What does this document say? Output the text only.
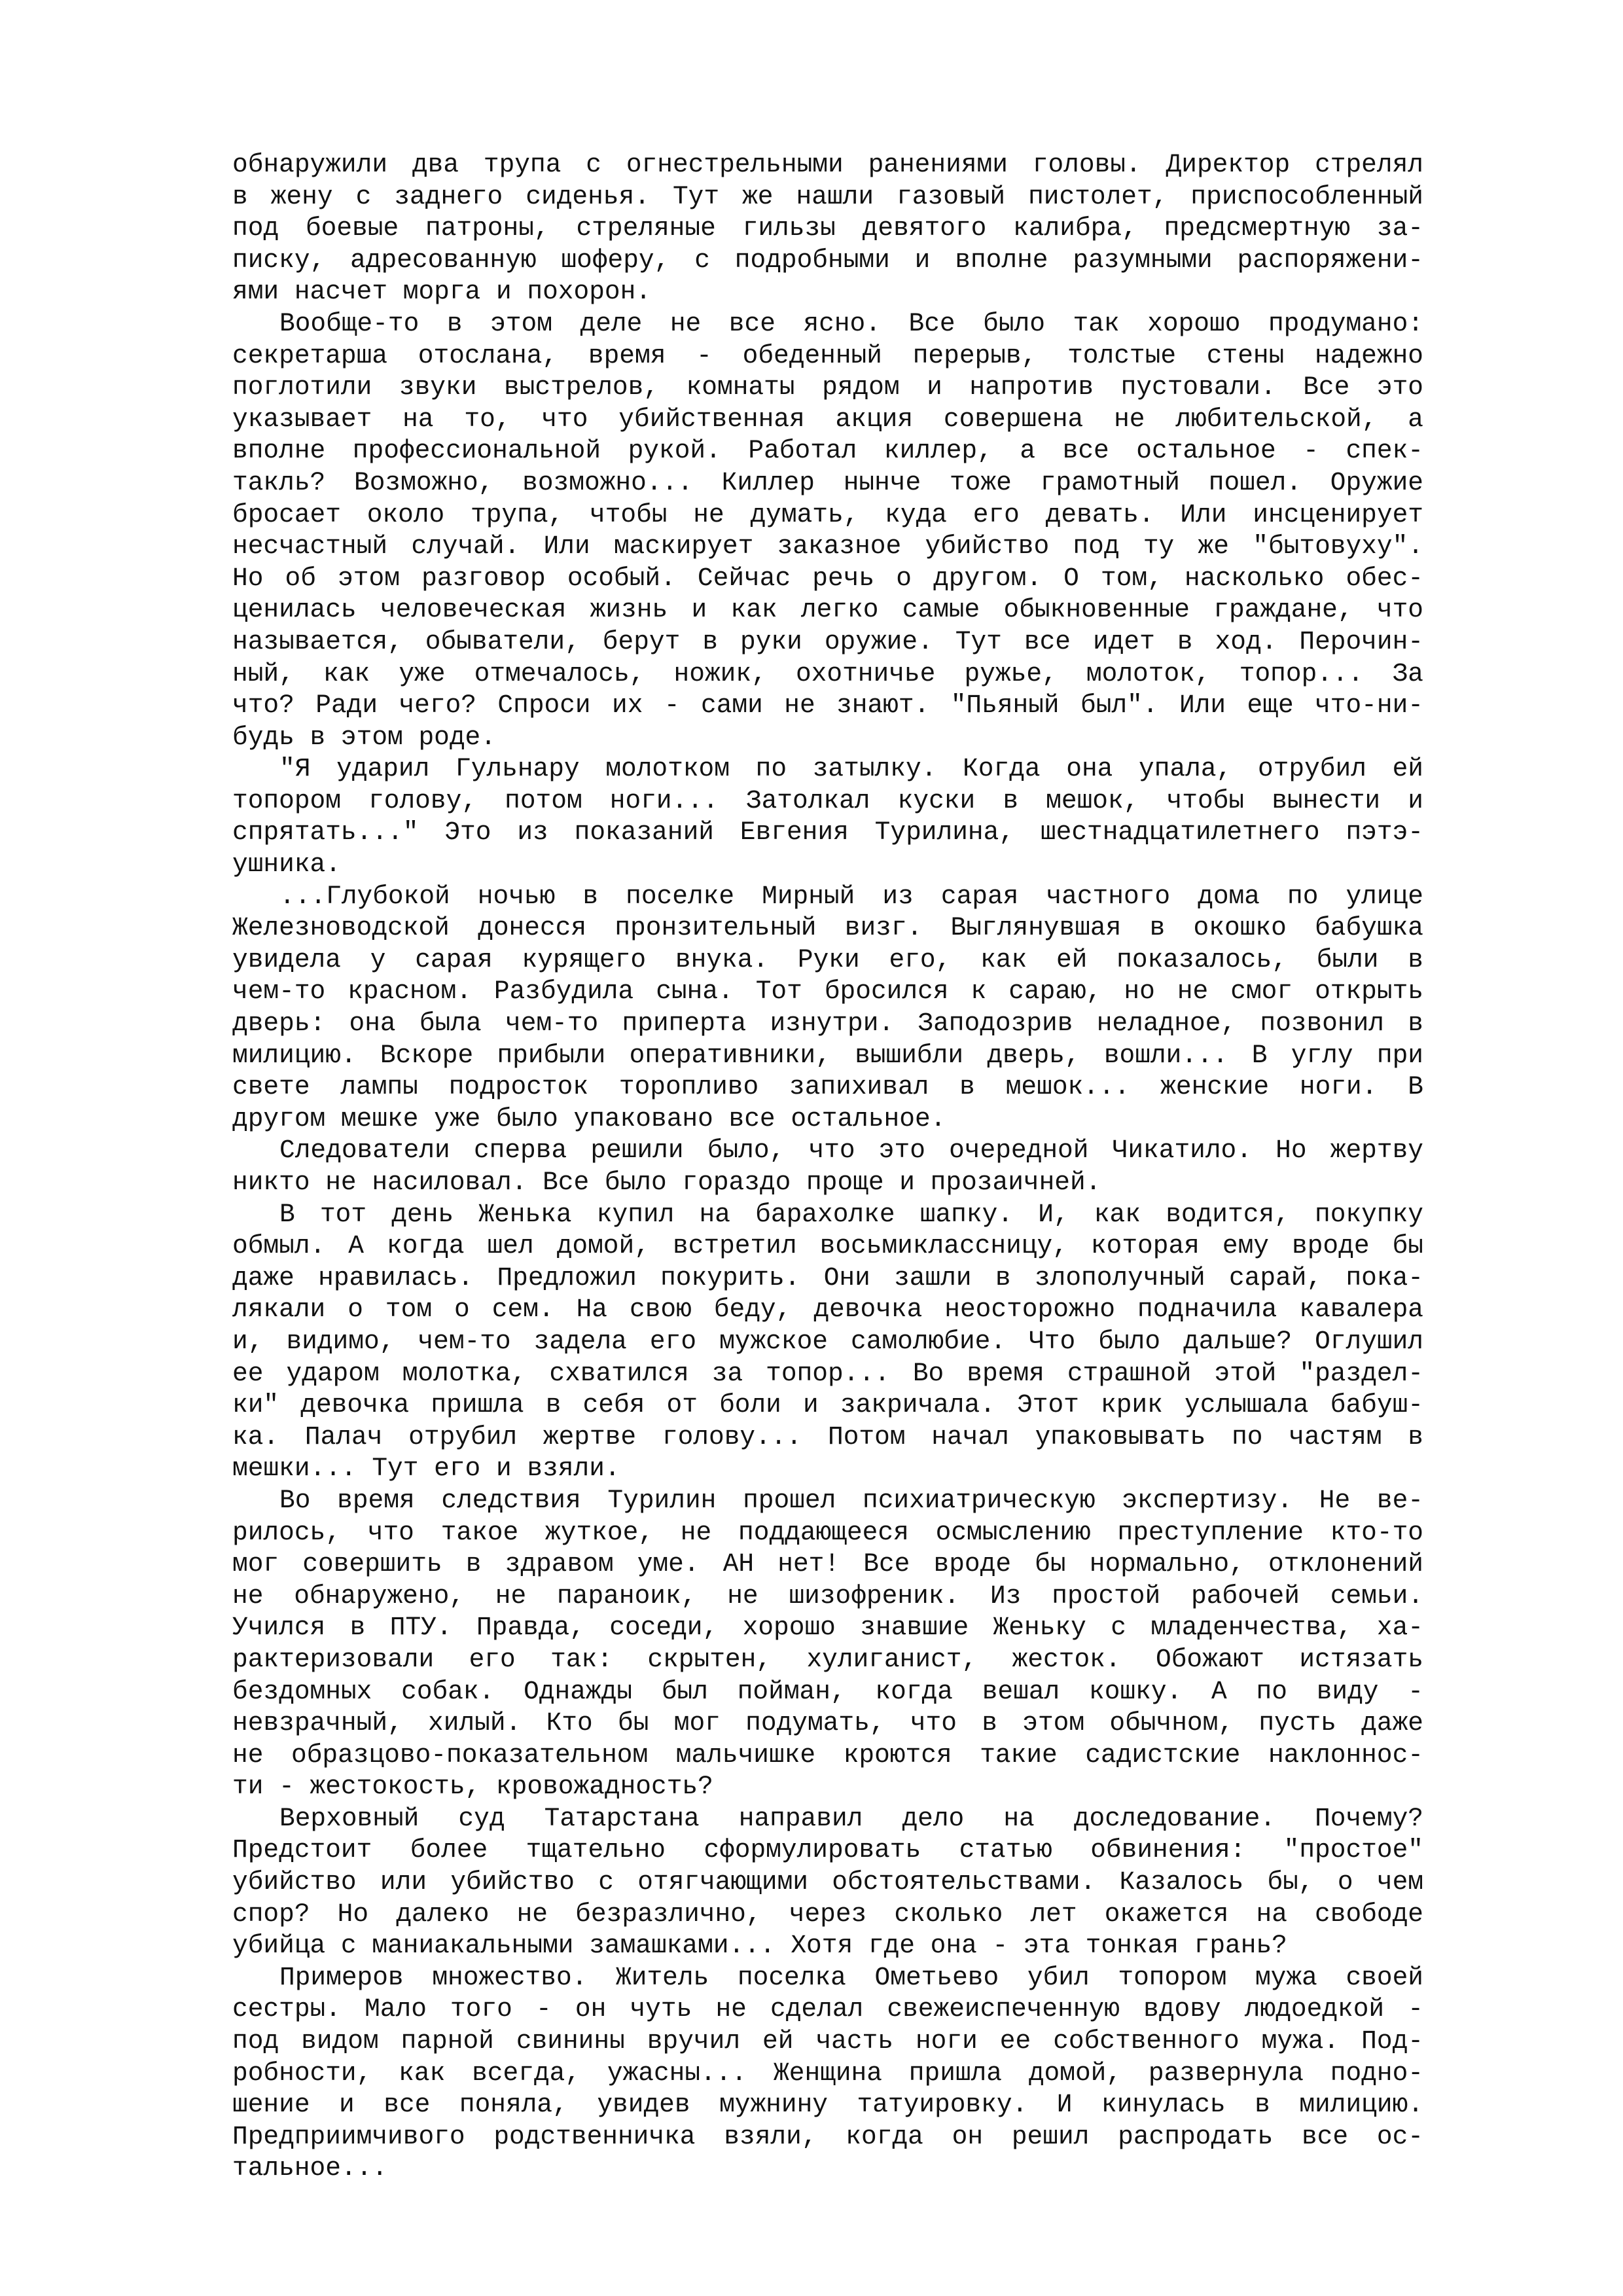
обнаружили два трупа с огнестрельными ранениями головы. Директор стрелял
в жену с заднего сиденья. Тут же нашли газовый пистолет, приспособленный
под боевые патроны, стреляные гильзы девятого калибра, предсмертную за-
писку, адресованную шоферу, с подробными и вполне разумными распоряжени-
ями насчет морга и похорон.
Вообще-то в этом деле не все ясно. Все было так хорошо продумано:
секретарша отослана, время - обеденный перерыв, толстые стены надежно
поглотили звуки выстрелов, комнаты рядом и напротив пустовали. Все это
указывает на то, что убийственная акция совершена не любительской, а
вполне профессиональной рукой. Работал киллер, а все остальное - спек-
такль? Возможно, возможно... Киллер нынче тоже грамотный пошел. Оружие
бросает около трупа, чтобы не думать, куда его девать. Или инсценирует
несчастный случай. Или маскирует заказное убийство под ту же "бытовуху".
Но об этом разговор особый. Сейчас речь о другом. О том, насколько обес-
ценилась человеческая жизнь и как легко самые обыкновенные граждане, что
называется, обыватели, берут в руки оружие. Тут все идет в ход. Перочин-
ный, как уже отмечалось, ножик, охотничье ружье, молоток, топор... За
что? Ради чего? Спроси их - сами не знают. "Пьяный был". Или еще что-ни-
будь в этом роде.
"Я ударил Гульнару молотком по затылку. Когда она упала, отрубил ей
топором голову, потом ноги... Затолкал куски в мешок, чтобы вынести и
спрятать..." Это из показаний Евгения Турилина, шестнадцатилетнего пэтэ-
ушника.
...Глубокой ночью в поселке Мирный из сарая частного дома по улице
Железноводской донесся пронзительный визг. Выглянувшая в окошко бабушка
увидела у сарая курящего внука. Руки его, как ей показалось, были в
чем-то красном. Разбудила сына. Тот бросился к сараю, но не смог открыть
дверь: она была чем-то приперта изнутри. Заподозрив неладное, позвонил в
милицию. Вскоре прибыли оперативники, вышибли дверь, вошли... В углу при
свете лампы подросток торопливо запихивал в мешок... женские ноги. В
другом мешке уже было упаковано все остальное.
Следователи сперва решили было, что это очередной Чикатило. Но жертву
никто не насиловал. Все было гораздо проще и прозаичней.
В тот день Женька купил на барахолке шапку. И, как водится, покупку
обмыл. А когда шел домой, встретил восьмиклассницу, которая ему вроде бы
даже нравилась. Предложил покурить. Они зашли в злополучный сарай, пока-
лякали о том о сем. На свою беду, девочка неосторожно подначила кавалера
и, видимо, чем-то задела его мужское самолюбие. Что было дальше? Оглушил
ее ударом молотка, схватился за топор... Во время страшной этой "раздел-
ки" девочка пришла в себя от боли и закричала. Этот крик услышала бабуш-
ка. Палач отрубил жертве голову... Потом начал упаковывать по частям в
мешки... Тут его и взяли.
Во время следствия Турилин прошел психиатрическую экспертизу. Не ве-
рилось, что такое жуткое, не поддающееся осмыслению преступление кто-то
мог совершить в здравом уме. АН нет! Все вроде бы нормально, отклонений
не обнаружено, не параноик, не шизофреник. Из простой рабочей семьи.
Учился в ПТУ. Правда, соседи, хорошо знавшие Женьку с младенчества, ха-
рактеризовали его так: скрытен, хулиганист, жесток. Обожают истязать
бездомных собак. Однажды был пойман, когда вешал кошку. А по виду -
невзрачный, хилый. Кто бы мог подумать, что в этом обычном, пусть даже
не образцово-показательном мальчишке кроются такие садистские наклоннос-
ти - жестокость, кровожадность?
Верховный суд Татарстана направил дело на доследование. Почему?
Предстоит более тщательно сформулировать статью обвинения: "простое"
убийство или убийство с отягчающими обстоятельствами. Казалось бы, о чем
спор? Но далеко не безразлично, через сколько лет окажется на свободе
убийца с маниакальными замашками... Хотя где она - эта тонкая грань?
Примеров множество. Житель поселка Ометьево убил топором мужа своей
сестры. Мало того - он чуть не сделал свежеиспеченную вдову людоедкой -
под видом парной свинины вручил ей часть ноги ее собственного мужа. Под-
робности, как всегда, ужасны... Женщина пришла домой, развернула подно-
шение и все поняла, увидев мужнину татуировку. И кинулась в милицию.
Предприимчивого родственничка взяли, когда он решил распродать все ос-
тальное...
